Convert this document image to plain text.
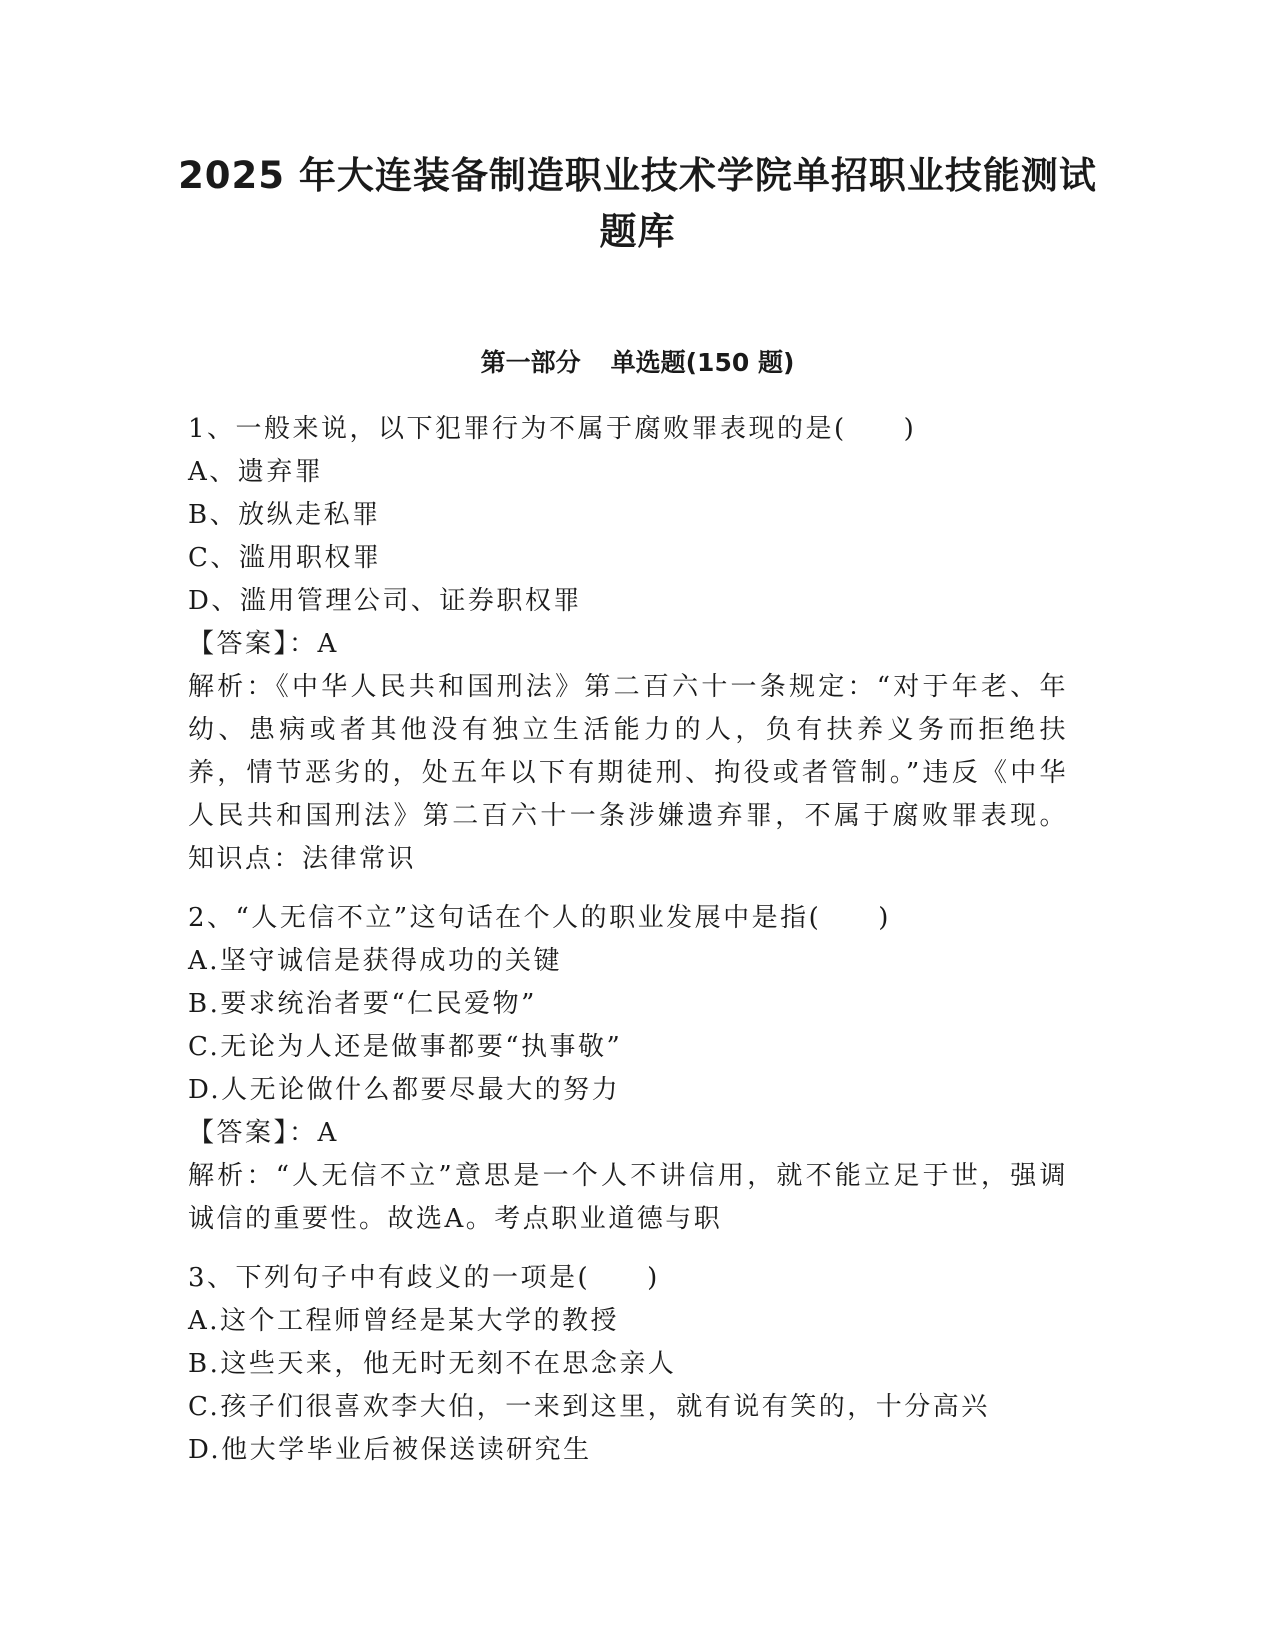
2025 年大连装备制造职业技术学院单招职业技能测试
题库
第一部分 单选题(150 题)

1、一般来说，以下犯罪行为不属于腐败罪表现的是(　　)

A、遗弃罪

B、放纵走私罪

C、滥用职权罪

D、滥用管理公司、证券职权罪

【答案】：A

解析：《中华人民共和国刑法》第二百六十一条规定：“对于年老、年幼、患病或者其他没有独立生活能力的人，负有扶养义务而拒绝扶养，情节恶劣的，处五年以下有期徒刑、拘役或者管制。”违反《中华人民共和国刑法》第二百六十一条涉嫌遗弃罪，不属于腐败罪表现。知识点：法律常识

2、“人无信不立”这句话在个人的职业发展中是指(　　)

A.坚守诚信是获得成功的关键

B.要求统治者要“仁民爱物”

C.无论为人还是做事都要“执事敬”

D.人无论做什么都要尽最大的努力

【答案】：A

解析：“人无信不立”意思是一个人不讲信用，就不能立足于世，强调诚信的重要性。故选A。考点职业道德与职

3、下列句子中有歧义的一项是(　　)

A.这个工程师曾经是某大学的教授

B.这些天来，他无时无刻不在思念亲人

C.孩子们很喜欢李大伯，一来到这里，就有说有笑的，十分高兴

D.他大学毕业后被保送读研究生
